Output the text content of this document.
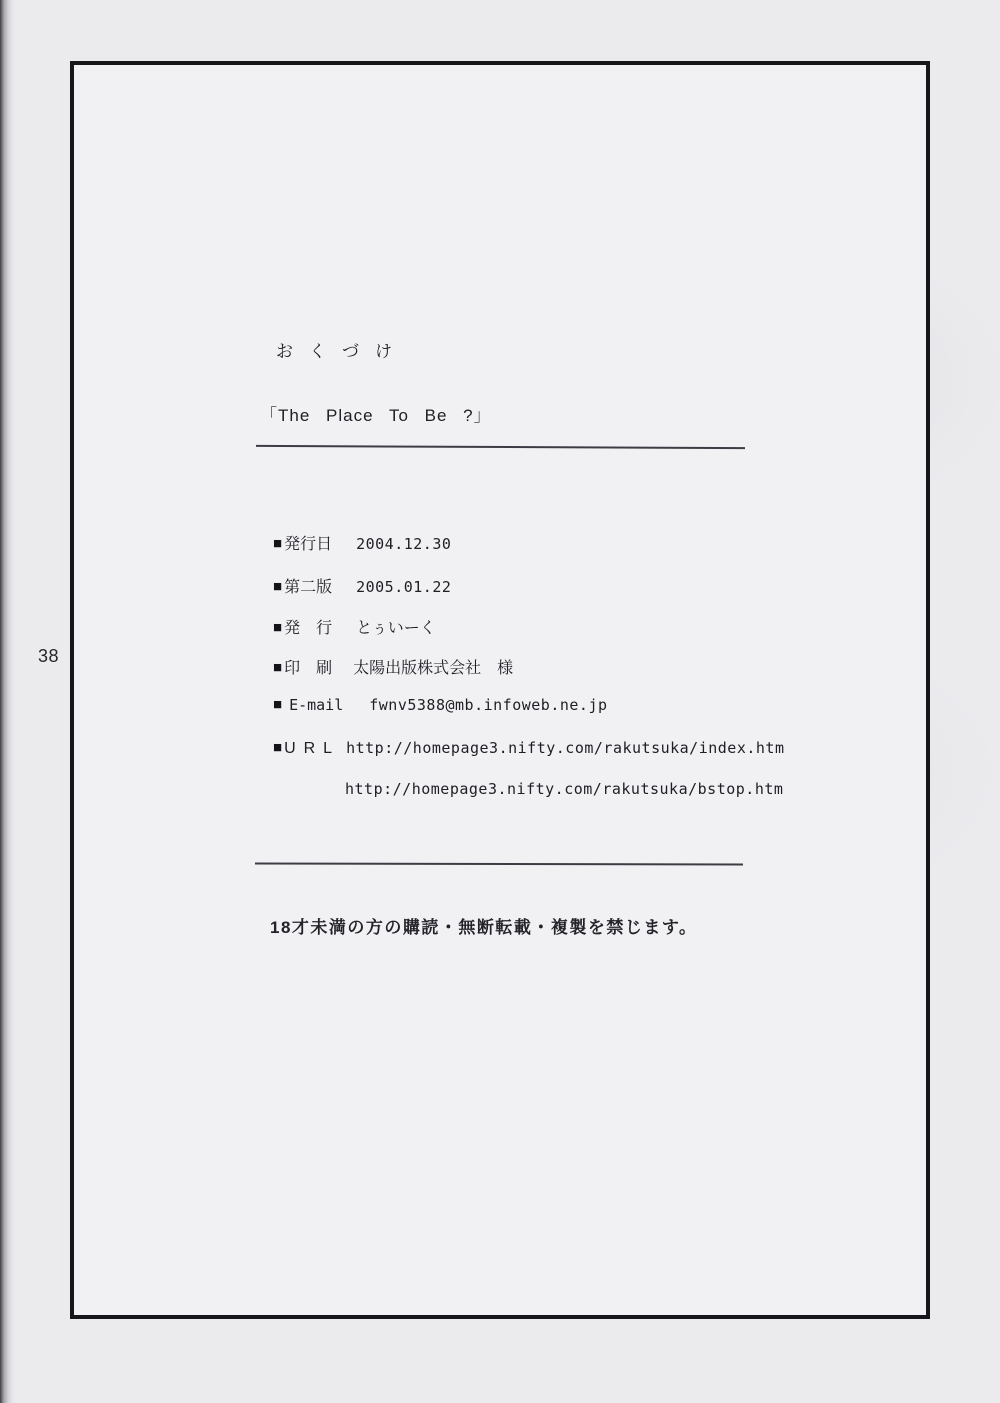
38
おくづけ
「The Place To Be ?」
■ 発行日 2004.12.30
■ 第二版 2005.01.22
■ 発　行 とぅいーく
■ 印　刷 太陽出版株式会社　様
■ E-mail fwnv5388@mb.infoweb.ne.jp
■ URL http://homepage3.nifty.com/rakutsuka/index.htm
http://homepage3.nifty.com/rakutsuka/bstop.htm
18才未満の方の購読・無断転載・複製を禁じます。
